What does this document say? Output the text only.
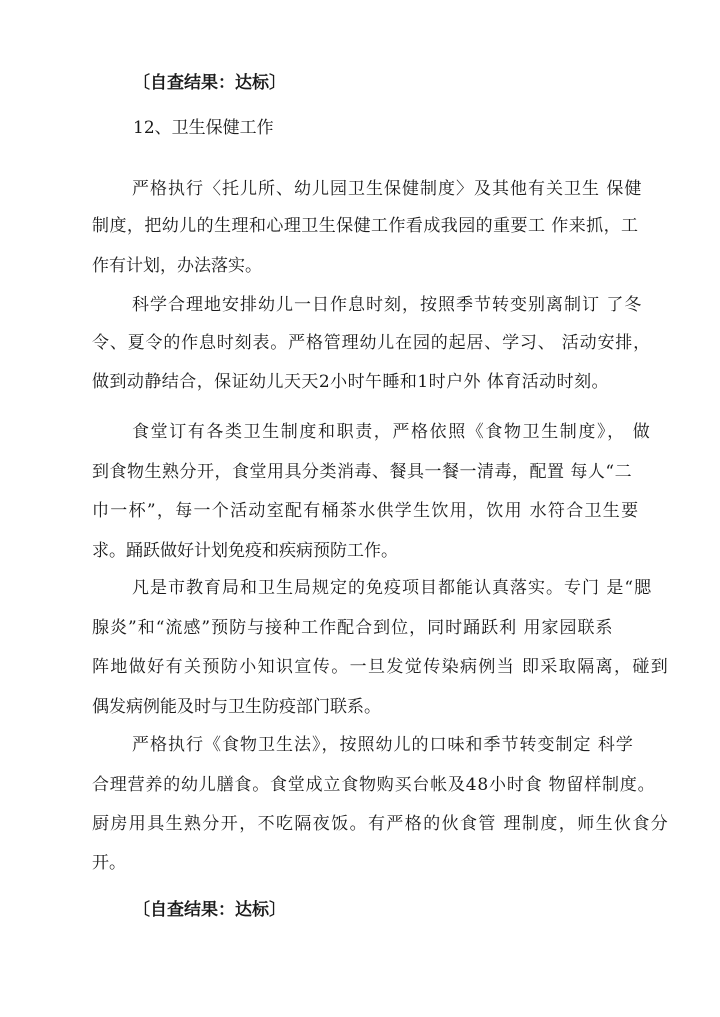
〔自查结果：达标〕
12、卫生保健工作
严格执行〈托儿所、幼儿园卫生保健制度〉及其他有关卫生 保健
制度，把幼儿的生理和心理卫生保健工作看成我园的重要工 作来抓，工
作有计划，办法落实。
科学合理地安排幼儿一日作息时刻，按照季节转变别离制订 了冬
令、夏令的作息时刻表。严格管理幼儿在园的起居、学习、 活动安排，
做到动静结合，保证幼儿天天2小时午睡和1时户外 体育活动时刻。
食堂订有各类卫生制度和职责，严格依照《食物卫生制度》， 做
到食物生熟分开，食堂用具分类消毒、餐具一餐一清毒，配置 每人“二
巾一杯”，每一个活动室配有桶茶水供学生饮用，饮用 水符合卫生要
求。踊跃做好计划免疫和疾病预防工作。
凡是市教育局和卫生局规定的免疫项目都能认真落实。专门 是“腮
腺炎”和“流感”预防与接种工作配合到位，同时踊跃利 用家园联系
阵地做好有关预防小知识宣传。一旦发觉传染病例当 即采取隔离，碰到
偶发病例能及时与卫生防疫部门联系。
严格执行《食物卫生法》，按照幼儿的口味和季节转变制定 科学
合理营养的幼儿膳食。食堂成立食物购买台帐及48小时食 物留样制度。
厨房用具生熟分开，不吃隔夜饭。有严格的伙食管 理制度，师生伙食分
开。
〔自查结果：达标〕
